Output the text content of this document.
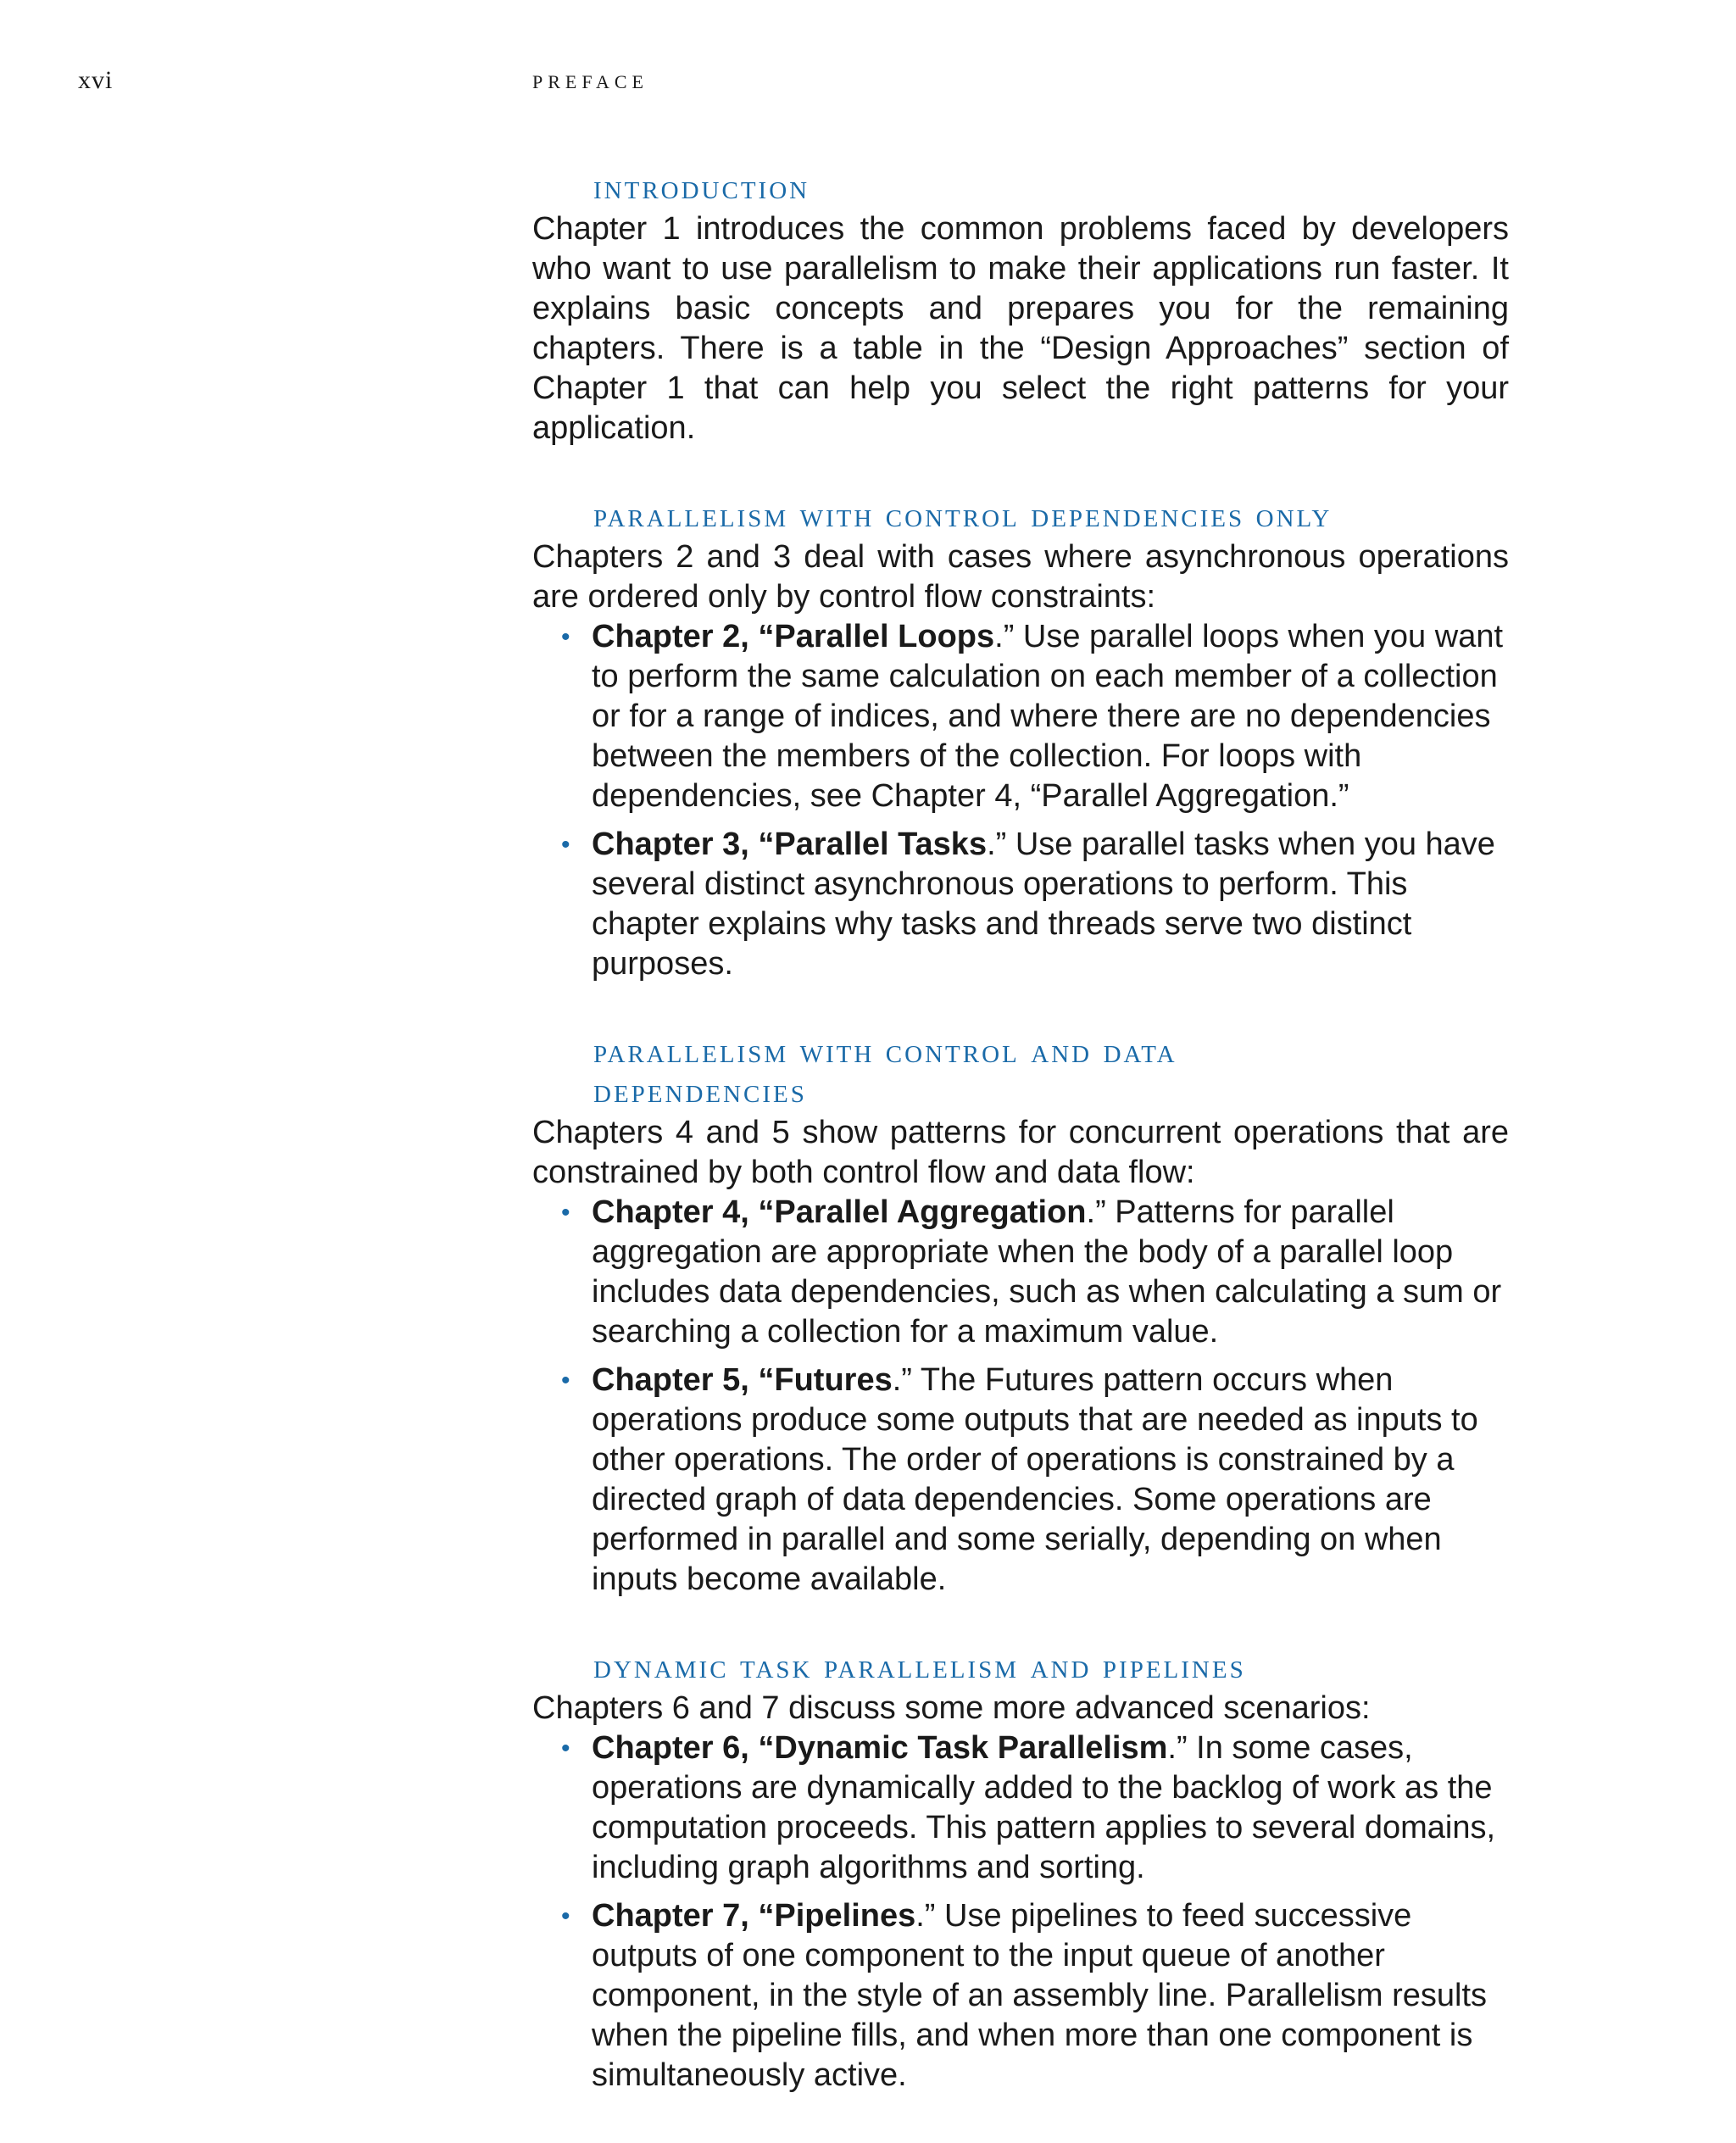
xvi	PREFACE
introduction

Chapter 1 introduces the common problems faced by developers who want to use parallelism to make their applications run faster. It explains basic concepts and prepares you for the remaining chapters. There is a table in the “Design Approaches” section of Chapter 1 that can help you select the right patterns for your application.

parallelism with control dependencies only

Chapters 2 and 3 deal with cases where asynchronous operations are ordered only by control flow constraints:

• Chapter 2, “Parallel Loops.” Use parallel loops when you want to perform the same calculation on each member of a collection or for a range of indices, and where there are no dependencies between the members of the collection. For loops with dependencies, see Chapter 4, “Parallel Aggregation.”
• Chapter 3, “Parallel Tasks.” Use parallel tasks when you have several distinct asynchronous operations to perform. This chapter explains why tasks and threads serve two distinct purposes.
parallelism with control and data dependencies

Chapters 4 and 5 show patterns for concurrent operations that are constrained by both control flow and data flow:

• Chapter 4, “Parallel Aggregation.” Patterns for parallel aggregation are appropriate when the body of a parallel loop includes data dependencies, such as when calculating a sum or searching a collection for a maximum value.
• Chapter 5, “Futures.” The Futures pattern occurs when operations produce some outputs that are needed as inputs to other operations. The order of operations is constrained by a directed graph of data dependencies. Some operations are performed in parallel and some serially, depending on when inputs become available.
dynamic task parallelism and pipelines

Chapters 6 and 7 discuss some more advanced scenarios:

• Chapter 6, “Dynamic Task Parallelism.” In some cases, operations are dynamically added to the backlog of work as the computation proceeds. This pattern applies to several domains, including graph algorithms and sorting.
• Chapter 7, “Pipelines.” Use pipelines to feed successive outputs of one component to the input queue of another component, in the style of an assembly line. Parallelism results when the pipeline fills, and when more than one component is simultaneously active.
